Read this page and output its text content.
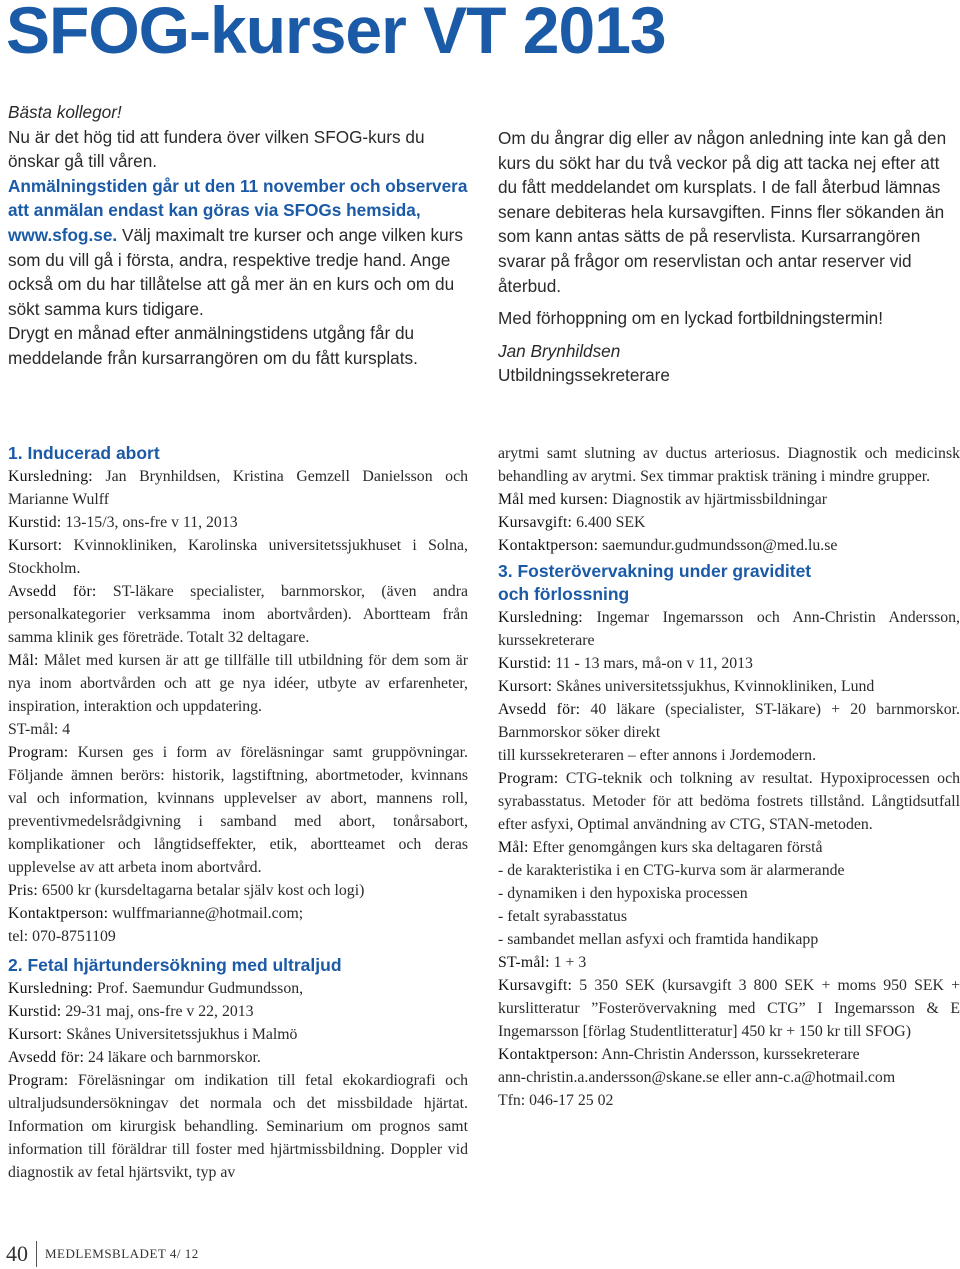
SFOG-kurser VT 2013

Bästa kollegor!

Nu är det hög tid att fundera över vilken SFOG-kurs du önskar gå till våren.

Anmälningstiden går ut den 11 november och observera att anmälan endast kan göras via SFOGs hemsida, www.sfog.se. Välj maximalt tre kurser och ange vilken kurs som du vill gå i första, andra, respektive tredje hand. Ange också om du har tillåtelse att gå mer än en kurs och om du sökt samma kurs tidigare.

Drygt en månad efter anmälningstidens utgång får du meddelande från kursarrangören om du fått kursplats.

Om du ångrar dig eller av någon anledning inte kan gå den kurs du sökt har du två veckor på dig att tacka nej efter att du fått meddelandet om kursplats. I de fall återbud lämnas senare debiteras hela kursavgiften. Finns fler sökanden än som kann antas sätts de på reservlista. Kursarrangören svarar på frågor om reservlistan och antar reserver vid återbud.

Med förhoppning om en lyckad fortbildningstermin!

Jan Brynhildsen

Utbildningssekreterare

1. Inducerad abort

Kursledning: Jan Brynhildsen, Kristina Gemzell Danielsson och Marianne Wulff

Kurstid: 13-15/3, ons-fre v 11, 2013

Kursort: Kvinnokliniken, Karolinska universitetssjukhuset i Solna, Stockholm.

Avsedd för: ST-läkare specialister, barnmorskor, (även andra personalkategorier verksamma inom abortvården). Abortteam från samma klinik ges företräde. Totalt 32 deltagare.

Mål: Målet med kursen är att ge tillfälle till utbildning för dem som är nya inom abortvården och att ge nya idéer, utbyte av erfarenheter, inspiration, interaktion och uppdatering.

ST-mål: 4

Program: Kursen ges i form av föreläsningar samt gruppövningar. Följande ämnen berörs: historik, lagstiftning, abortmetoder, kvinnans val och information, kvinnans upplevelser av abort, mannens roll, preventivmedelsrådgivning i samband med abort, tonårsabort, komplikationer och långtidseffekter, etik, abortteamet och deras upplevelse av att arbeta inom abortvård.

Pris: 6500 kr (kursdeltagarna betalar själv kost och logi)

Kontaktperson: wulffmarianne@hotmail.com;

tel: 070-8751109

2. Fetal hjärtundersökning med ultraljud

Kursledning: Prof. Saemundur Gudmundsson,

Kurstid: 29-31 maj, ons-fre v 22, 2013

Kursort: Skånes Universitetssjukhus i Malmö

Avsedd för: 24 läkare och barnmorskor.

Program: Föreläsningar om indikation till fetal ekokardiografi och ultraljudsundersökningav det normala och det missbildade hjärtat. Information om kirurgisk behandling. Seminarium om prognos samt information till föräldrar till foster med hjärtmissbildning. Doppler vid diagnostik av fetal hjärtsvikt, typ av

arytmi samt slutning av ductus arteriosus. Diagnostik och medicinsk behandling av arytmi. Sex timmar praktisk träning i mindre grupper.

Mål med kursen: Diagnostik av hjärtmissbildningar

Kursavgift: 6.400 SEK

Kontaktperson: saemundur.gudmundsson@med.lu.se

3. Fosterövervakning under graviditet
och förlossning

Kursledning: Ingemar Ingemarsson och Ann-Christin Andersson, kurssekreterare

Kurstid: 11 - 13 mars, må-on v 11, 2013

Kursort: Skånes universitetssjukhus, Kvinnokliniken, Lund

Avsedd för: 40 läkare (specialister, ST-läkare) + 20 barnmorskor. Barnmorskor söker direkt

till kurssekreteraren – efter annons i Jordemodern.

Program: CTG-teknik och tolkning av resultat. Hypoxiprocessen och syrabasstatus. Metoder för att bedöma fostrets tillstånd. Långtidsutfall efter asfyxi, Optimal användning av CTG, STAN-metoden.

Mål: Efter genomgången kurs ska deltagaren förstå

- de karakteristika i en CTG-kurva som är alarmerande

- dynamiken i den hypoxiska processen

- fetalt syrabasstatus

- sambandet mellan asfyxi och framtida handikapp

ST-mål: 1 + 3

Kursavgift: 5 350 SEK (kursavgift 3 800 SEK + moms 950 SEK + kurslitteratur ”Fosterövervakning med CTG” I Ingemarsson & E Ingemarsson [förlag Studentlitteratur] 450 kr + 150 kr till SFOG)

Kontaktperson: Ann-Christin Andersson, kurssekreterare

ann-christin.a.andersson@skane.se eller ann-c.a@hotmail.com

Tfn: 046-17 25 02

40 MEDLEMSBLADET 4/ 12
